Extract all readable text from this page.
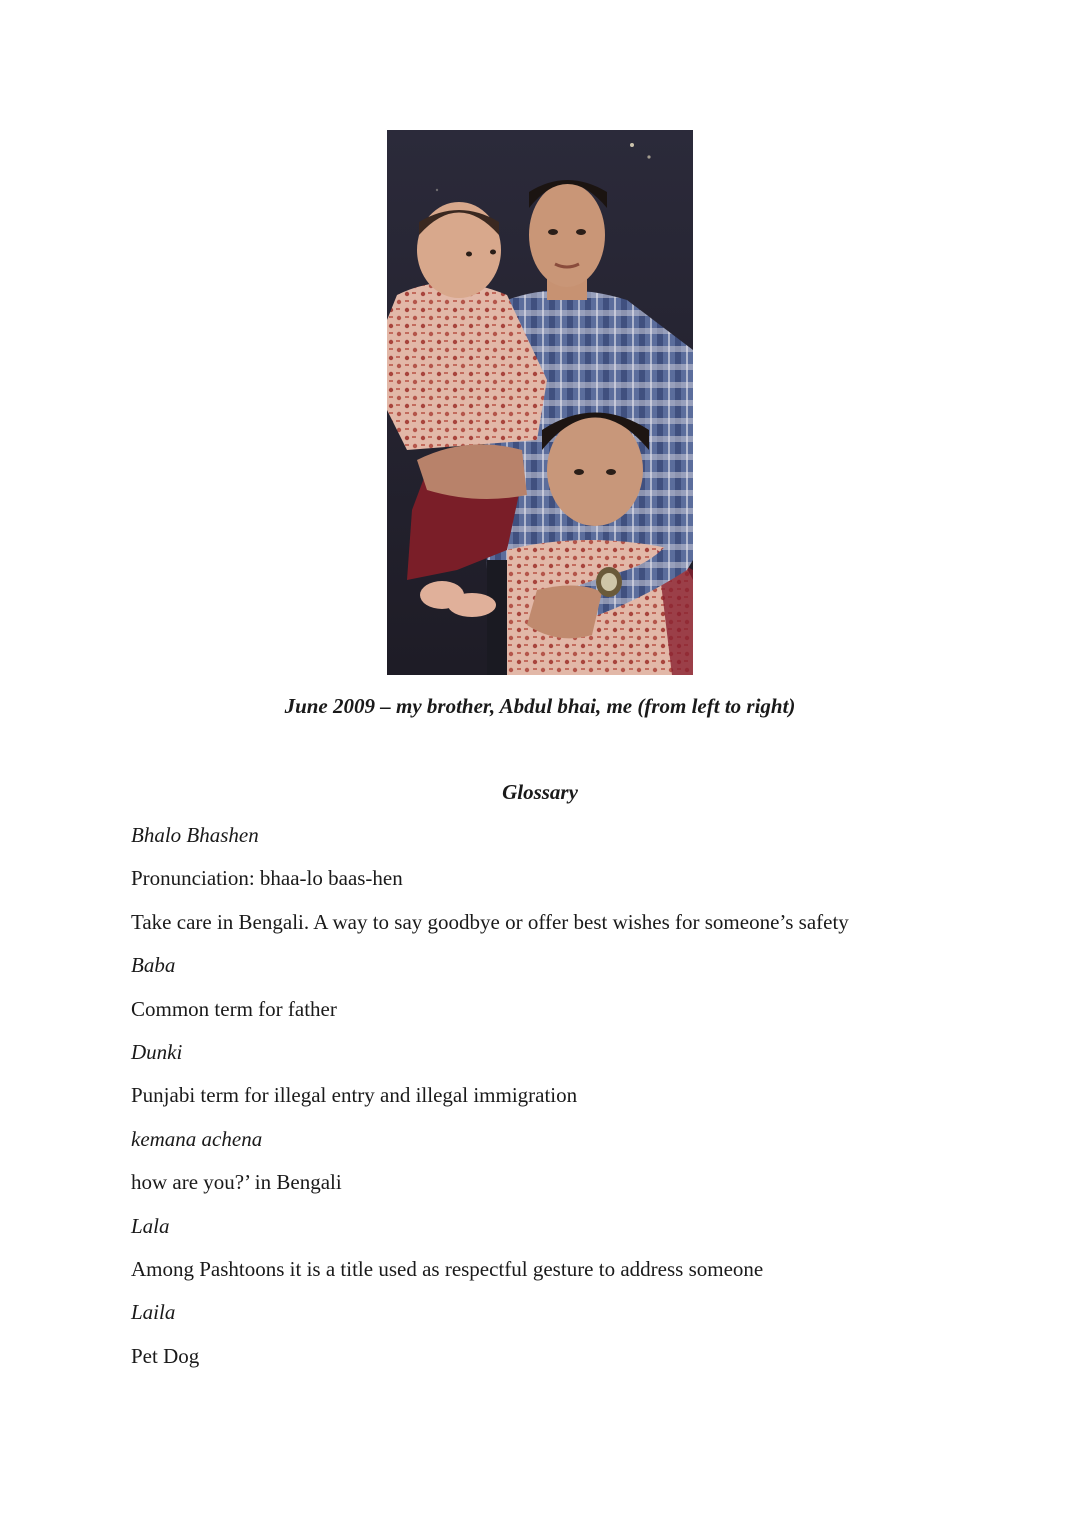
June 2009 – my brother, Abdul bhai, me (from left to right)
Glossary
Bhalo Bhashen
Pronunciation: bhaa-lo baas-hen
Take care in Bengali. A way to say goodbye or offer best wishes for someone’s safety
Baba
Common term for father
Dunki
Punjabi term for illegal entry and illegal immigration
kemana achena
how are you?’ in Bengali
Lala
Among Pashtoons it is a title used as respectful gesture to address someone
Laila
Pet Dog
